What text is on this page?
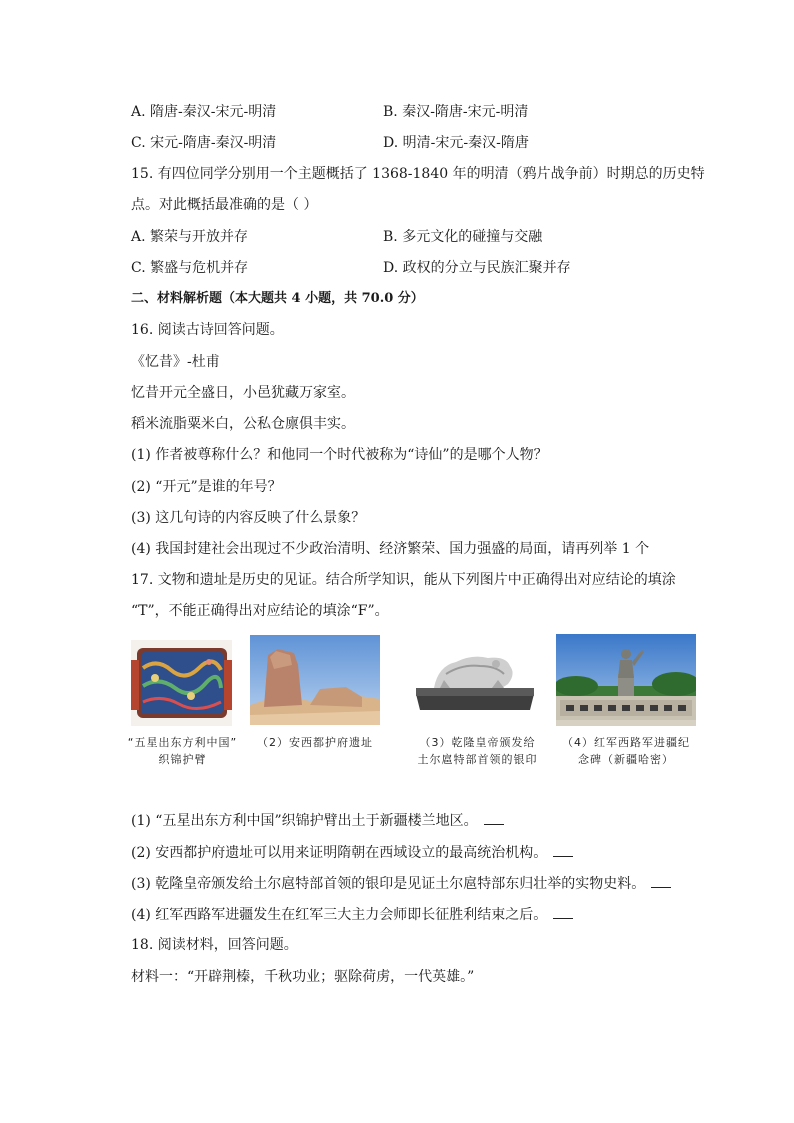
A. 隋唐-秦汉-宋元-明清	B. 秦汉-隋唐-宋元-明清
C. 宋元-隋唐-秦汉-明清	D. 明清-宋元-秦汉-隋唐
15. 有四位同学分别用一个主题概括了 1368-1840 年的明清（鸦片战争前）时期总的历史特
点。对此概括最准确的是（ ）
A. 繁荣与开放并存	B. 多元文化的碰撞与交融
C. 繁盛与危机并存	D. 政权的分立与民族汇聚并存
二、材料解析题（本大题共 4 小题，共 70.0 分）
16. 阅读古诗回答问题。
《忆昔》-杜甫
忆昔开元全盛日，小邑犹藏万家室。
稻米流脂粟米白，公私仓廪俱丰实。
(1) 作者被尊称什么？和他同一个时代被称为“诗仙”的是哪个人物？
(2) “开元”是谁的年号？
(3) 这几句诗的内容反映了什么景象？
(4) 我国封建社会出现过不少政治清明、经济繁荣、国力强盛的局面，请再列举 1 个
17. 文物和遗址是历史的见证。结合所学知识，能从下列图片中正确得出对应结论的填涂
“T”，不能正确得出对应结论的填涂“F”。
“五星出东方利中国”
织锦护臂
（2）安西都护府遗址	（3）乾隆皇帝颁发给
土尔扈特部首领的银印
（4）红军西路军进疆纪
念碑（新疆哈密）
(1) “五星出东方利中国”织锦护臂出土于新疆楼兰地区。
(2) 安西都护府遗址可以用来证明隋朝在西域设立的最高统治机构。
(3) 乾隆皇帝颁发给土尔扈特部首领的银印是见证土尔扈特部东归壮举的实物史料。
(4) 红军西路军进疆发生在红军三大主力会师即长征胜利结束之后。
18. 阅读材料，回答问题。
材料一：“开辟荆榛，千秋功业；驱除荷虏，一代英雄。”
